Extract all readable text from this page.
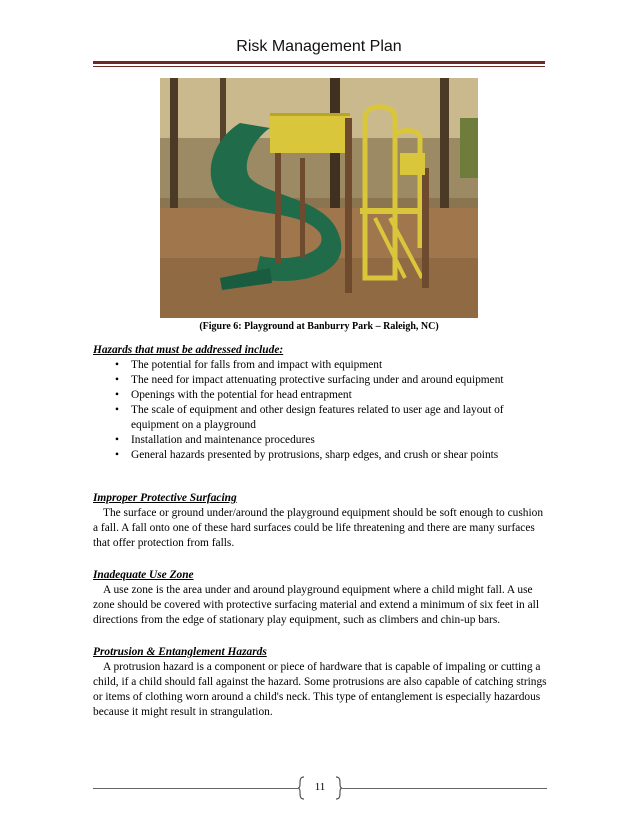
Risk Management Plan
(Figure 6: Playground at Banburry Park – Raleigh, NC)
Hazards that must be addressed include:
• The potential for falls from and impact with equipment
• The need for impact attenuating protective surfacing under and around equipment
• Openings with the potential for head entrapment
• The scale of equipment and other design features related to user age and layout of equipment on a playground
• Installation and maintenance procedures
• General hazards presented by protrusions, sharp edges, and crush or shear points
Improper Protective Surfacing

The surface or ground under/around the playground equipment should be soft enough to cushion a fall. A fall onto one of these hard surfaces could be life threatening and there are many surfaces that offer protection from falls.

Inadequate Use Zone

A use zone is the area under and around playground equipment where a child might fall. A use zone should be covered with protective surfacing material and extend a minimum of six feet in all directions from the edge of stationary play equipment, such as climbers and chin-up bars.

Protrusion & Entanglement Hazards

A protrusion hazard is a component or piece of hardware that is capable of impaling or cutting a child, if a child should fall against the hazard. Some protrusions are also capable of catching strings or items of clothing worn around a child's neck. This type of entanglement is especially hazardous because it might result in strangulation.

11
